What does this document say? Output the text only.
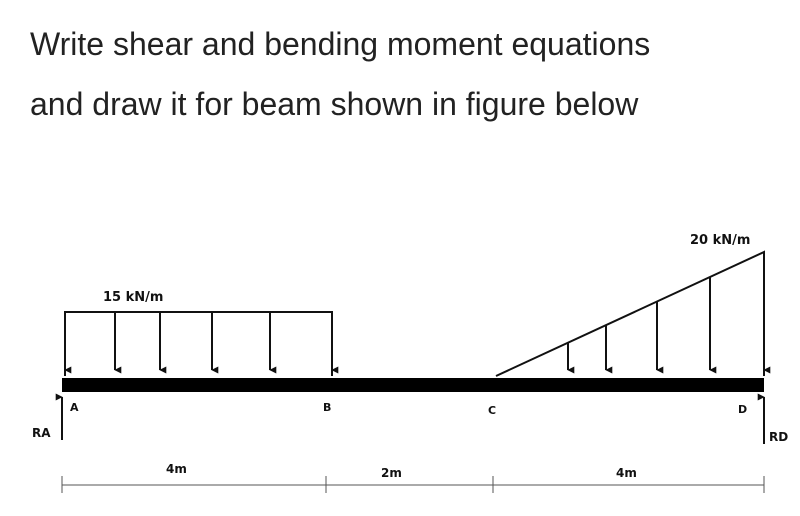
Write shear and bending moment equations
and draw it for beam shown in figure below
15 kN/m
20 kN/m
RA	RD
A	B	C	D
4m	2m	4m
